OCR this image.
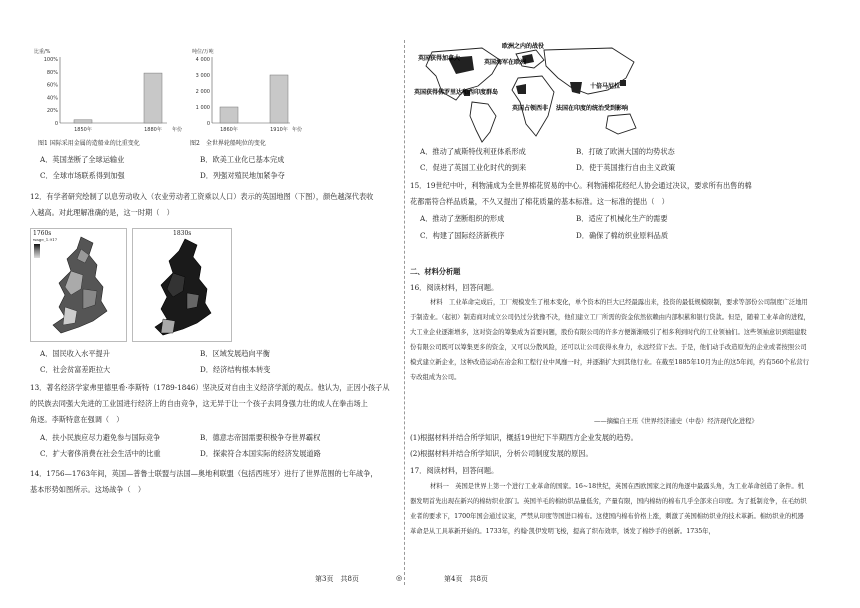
比重/%
100%
80%
60%
40%
20%
0
1850年	1880年 年份
吨位/万吨
4 000
3 000
2 000
1 000
0
1860年	1910年 年份
图1 国际采用金属的造船业的比重变化	图2　全世界轮船吨位的变化
A．英国垄断了全球运输业	B．欧美工业化已基本完成
C．全球市场联系得到加强	D．列强对殖民地加紧争夺
12．有学者研究绘制了以息劳动收入（农业劳动者工资乘以人口）表示的英国地图（下图），颜色越深代表收
入越高。对此理解准确的是，这一时期（　）
1760s
wage_1.917
1830s
A．国民收入水平提升	B．区域发展趋向平衡
C．社会贫富差距拉大	D．经济结构根本转变
13．著名经济学家弗里德里希·李斯特（1789-1846）坚决反对自由主义经济学派的观点。他认为，正因小孩子从
的民族去同强大先进的工业国进行经济上的自由竞争，这无异于让一个孩子去同身强力壮的成人在拳击场上
角逐。李斯特意在强调（　）
A．扶小民族应尽力避免参与国际竞争	B．德意志帝国需要积极争夺世界霸权
C．扩大奢侈消费在社会生活中的比重	D．探索符合本国实际的经济发展道路
14．1756—1763年间，英国—普鲁士联盟与法国—奥地利联盟（包括西班牙）进行了世界范围的七年战争，
基本形势如图所示。这场战争（　）
欧洲之内的战役
英国获得加拿大
英国海军在欧洲
十倍马尼拉
英国获得佛罗里达和西印度群岛
英国占领西非 法国在印度的统治受到影响
A．推动了威斯特伐利亚体系形成	B．打破了欧洲大国的均势状态
C．促进了英国工业化时代的到来	D．使于英国推行自由主义政策
15．19世纪中叶，利物浦成为全世界棉花贸易的中心。利物浦棉花经纪人协会通过决议，要求所有出售的棉
花都需符合样品质量，不久又提出了棉花质量的基本标准。这一标准的提出（　）
A．推动了垄断组织的形成	B．适应了机械化生产的需要
C．构建了国际经济新秩序	D．确保了棉纺织业原料品质
二、材料分析题
16．阅读材料，回答问题。
材料　工业革命完成后，工厂规模发生了根本变化，单个资本的巨大已经最露出来，投资的最低规模限制，要求等部份公司制度广泛地用于制造业。（起初）制造商对成立公司仍过分犹豫不决，他们建立工厂所需的资金依然依赖由内部积累和银行贷款。但是，随着工业革命的进程，大工业企业逐渐增多，这对资金的筹集成为首要问题，股份有限公司的许多方便渐渐吸引了相多利到时代的工业领袖们。这些领袖意识到组建股份有限公司既可以筹集更多的资金，又可以分散风险，还可以让公司获得永身力，永远经营下去。于是，他们动手改造原先的企业或者按照公司模式建立新企业，这种改造运动在冶金和工程行业中风靡一时，并逐渐扩大到其他行业。在截至1885年10月为止的这5年间，约有560个私营行专改组成为公司。
——摘编自王珏《世界经济通史（中卷）经济现代化进程》
(1)根据材料并结合所学知识，概括19世纪下半期西方企业发展的趋势。
(2)根据材料并结合所学知识，分析公司制度发展的原因。
17．阅读材料，回答问题。
材料一　英国是世界上第一个进行工业革命的国家。16~18世纪，英国在西欧国家之间的角逐中最露头角，为工业革命创造了条件。机器发明首先出现在新兴的棉纺织业部门。英国羊毛的棉纺织品量低劣，产量有限，国内棉纺的棉布几乎全部来自印度。为了抵制竞争，在毛纺织业者的要求下，1700年国会通过议案，严禁从印度等国进口棉布。这使国内棉布价格上涨，刺激了英国棉纺织业的技术革新。棉纺织业的机器革命是从工具革新开始的。1733年，约翰·凯伊发明飞梭，提高了织布效率，诱发了棉纱手的创新。1735年，
第3页　共8页	◎	第4页　共8页
